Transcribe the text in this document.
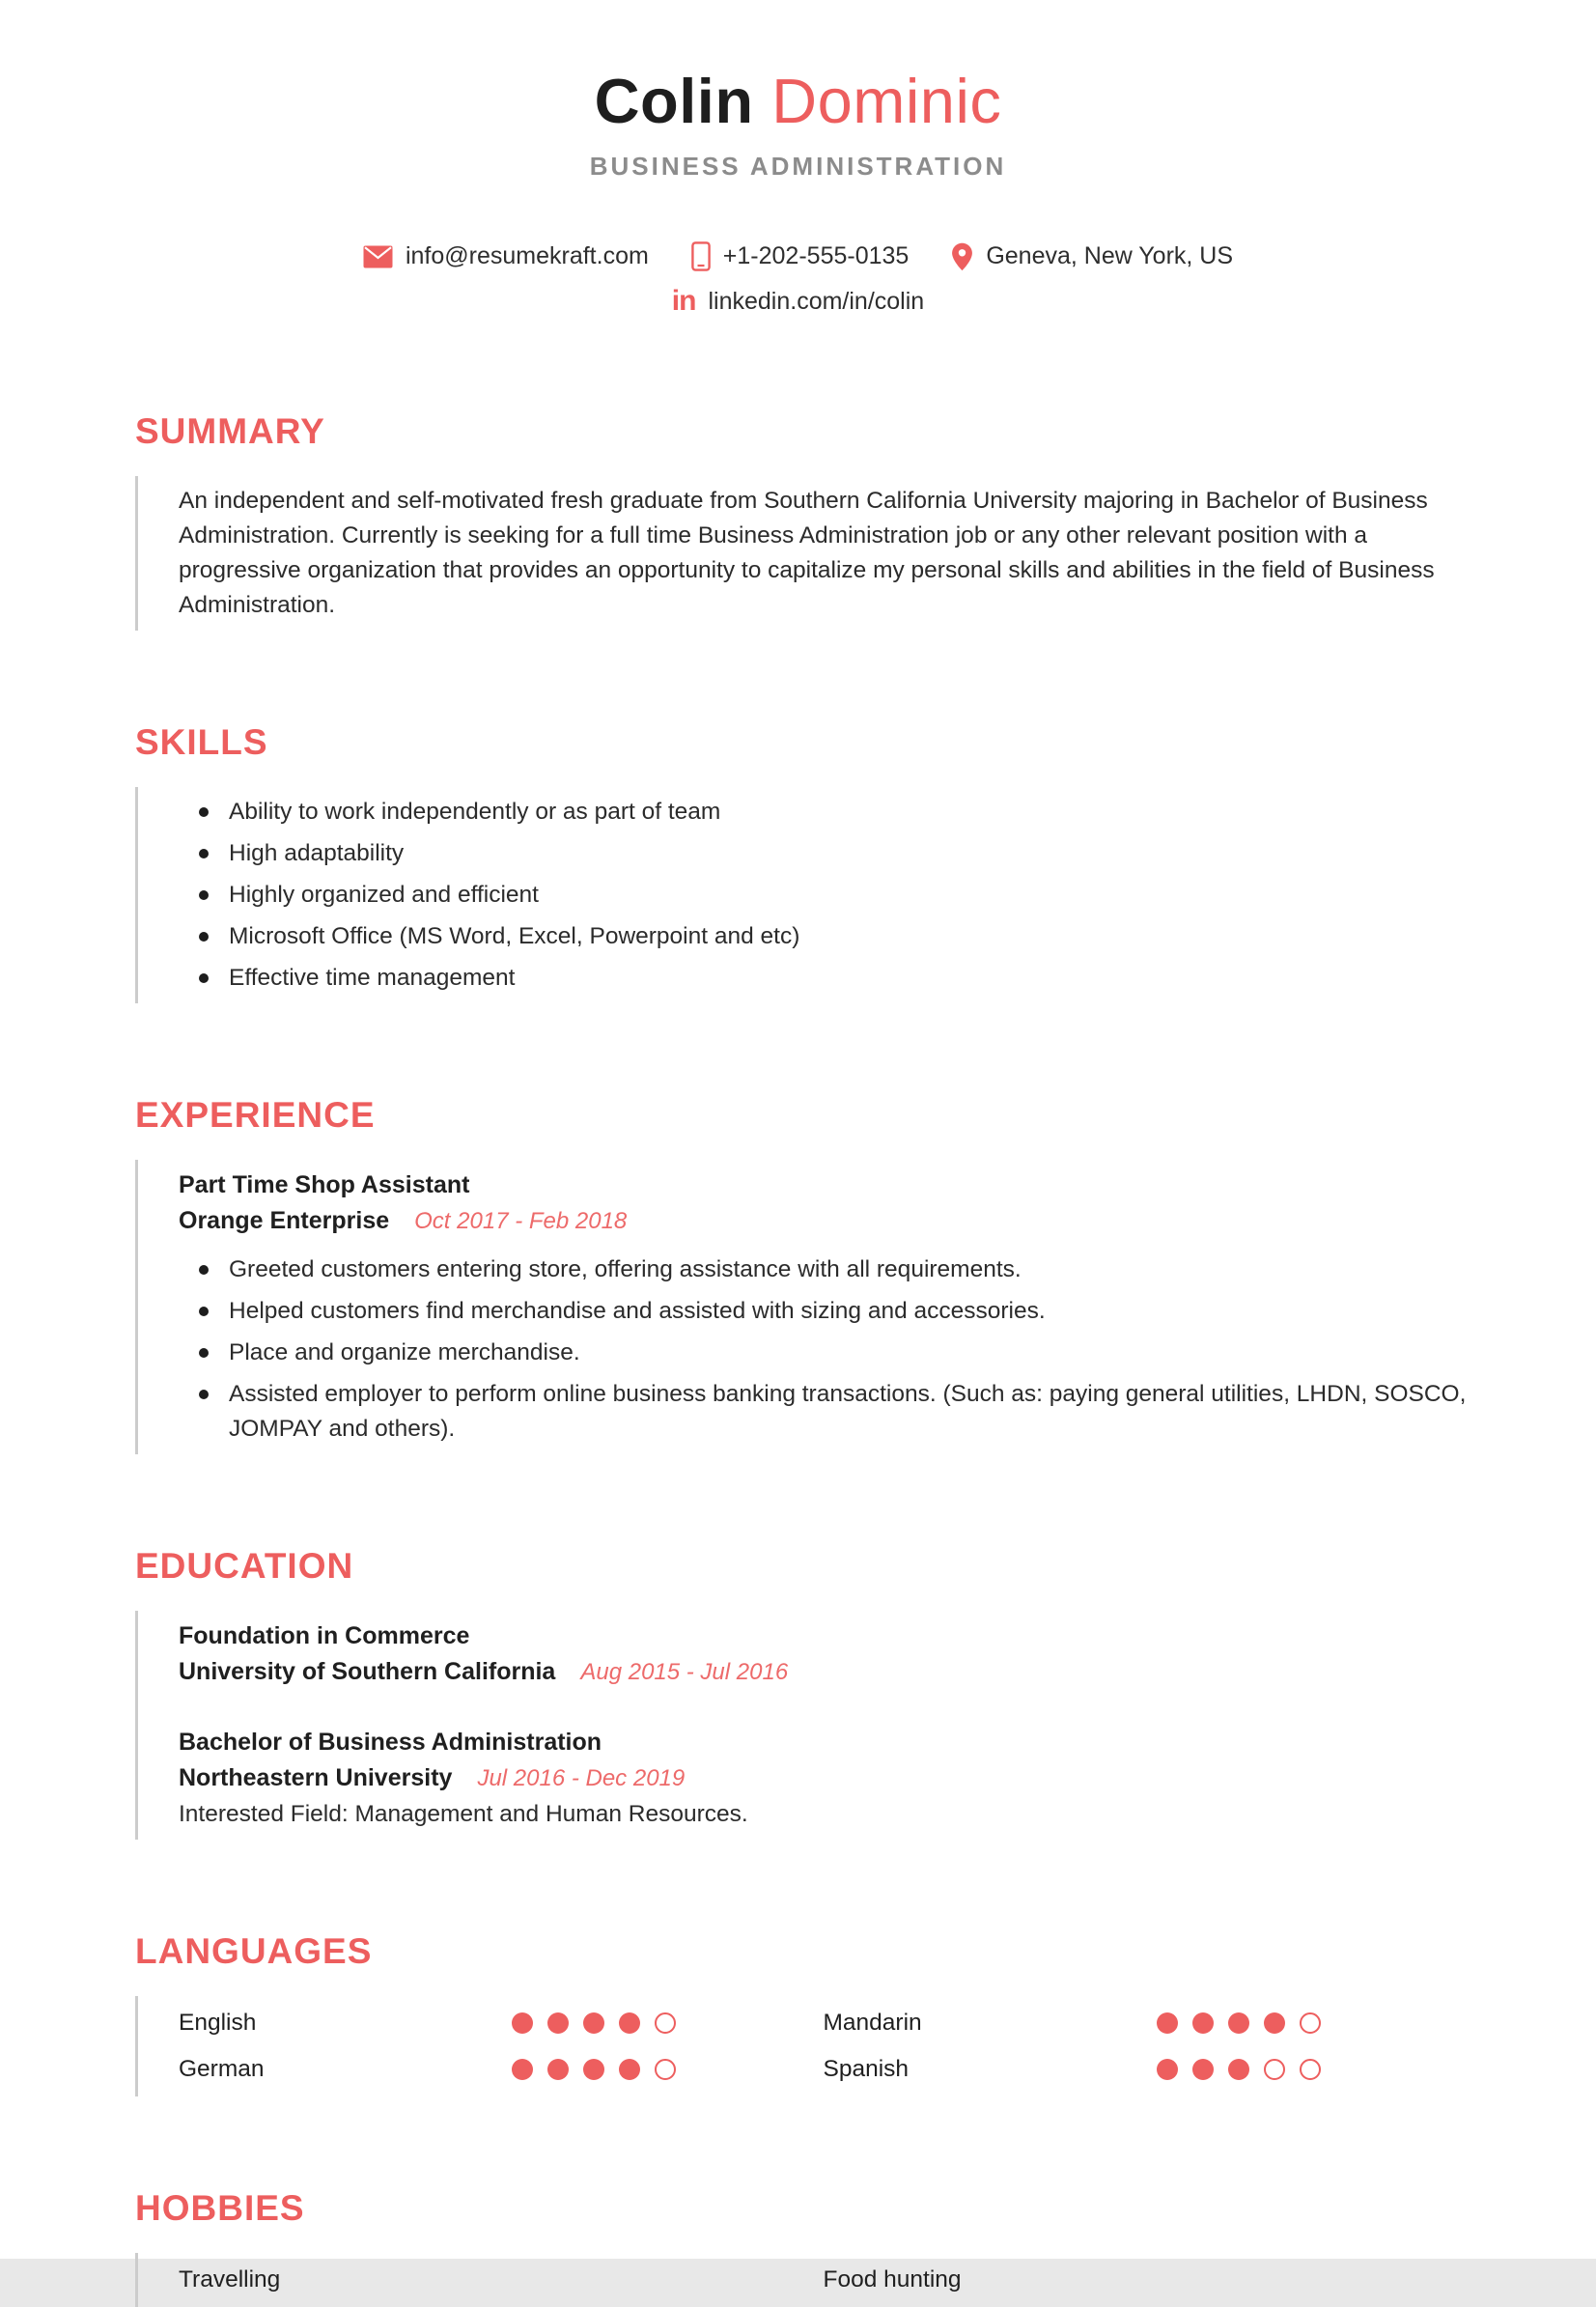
Colin Dominic
BUSINESS ADMINISTRATION
info@resumekraft.com	+1-202-555-0135	Geneva, New York, US
in linkedin.com/in/colin
SUMMARY

An independent and self-motivated fresh graduate from Southern California University majoring in Bachelor of Business Administration. Currently is seeking for a full time Business Administration job or any other relevant position with a progressive organization that provides an opportunity to capitalize my personal skills and abilities in the field of Business Administration.

SKILLS
Ability to work independently or as part of team
High adaptability
Highly organized and efficient
Microsoft Office (MS Word, Excel, Powerpoint and etc)
Effective time management
EXPERIENCE
Part Time Shop Assistant
Orange Enterprise Oct 2017 - Feb 2018
Greeted customers entering store, offering assistance with all requirements.
Helped customers find merchandise and assisted with sizing and accessories.
Place and organize merchandise.
Assisted employer to perform online business banking transactions. (Such as: paying general utilities, LHDN, SOSCO, JOMPAY and others).
EDUCATION
Foundation in Commerce
University of Southern California Aug 2015 - Jul 2016
Bachelor of Business Administration
Northeastern University Jul 2016 - Dec 2019
Interested Field: Management and Human Resources.
LANGUAGES
English	Mandarin
German	Spanish
HOBBIES
Travelling	Food hunting
